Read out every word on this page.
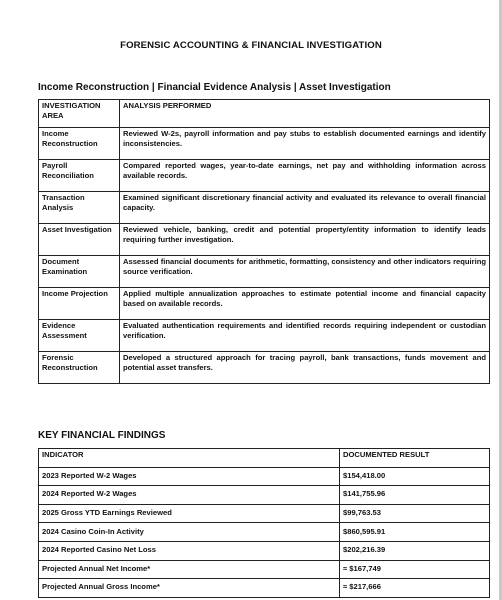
FORENSIC ACCOUNTING & FINANCIAL INVESTIGATION
Income Reconstruction | Financial Evidence Analysis | Asset Investigation
INVESTIGATION AREA	ANALYSIS PERFORMED
Income Reconstruction	Reviewed W-2s, payroll information and pay stubs to establish documented earnings and identify inconsistencies.
Payroll Reconciliation	Compared reported wages, year-to-date earnings, net pay and withholding information across available records.
Transaction Analysis	Examined significant discretionary financial activity and evaluated its relevance to overall financial capacity.
Asset Investigation	Reviewed vehicle, banking, credit and potential property/entity information to identify leads requiring further investigation.
Document Examination	Assessed financial documents for arithmetic, formatting, consistency and other indicators requiring source verification.
Income Projection	Applied multiple annualization approaches to estimate potential income and financial capacity based on available records.
Evidence Assessment	Evaluated authentication requirements and identified records requiring independent or custodian verification.
Forensic Reconstruction	Developed a structured approach for tracing payroll, bank transactions, funds movement and potential asset transfers.
KEY FINANCIAL FINDINGS
INDICATOR	DOCUMENTED RESULT
2023 Reported W-2 Wages	$154,418.00
2024 Reported W-2 Wages	$141,755.96
2025 Gross YTD Earnings Reviewed	$99,763.53
2024 Casino Coin-In Activity	$860,595.91
2024 Reported Casino Net Loss	$202,216.39
Projected Annual Net Income*	≈ $167,749
Projected Annual Gross Income*	≈ $217,666
